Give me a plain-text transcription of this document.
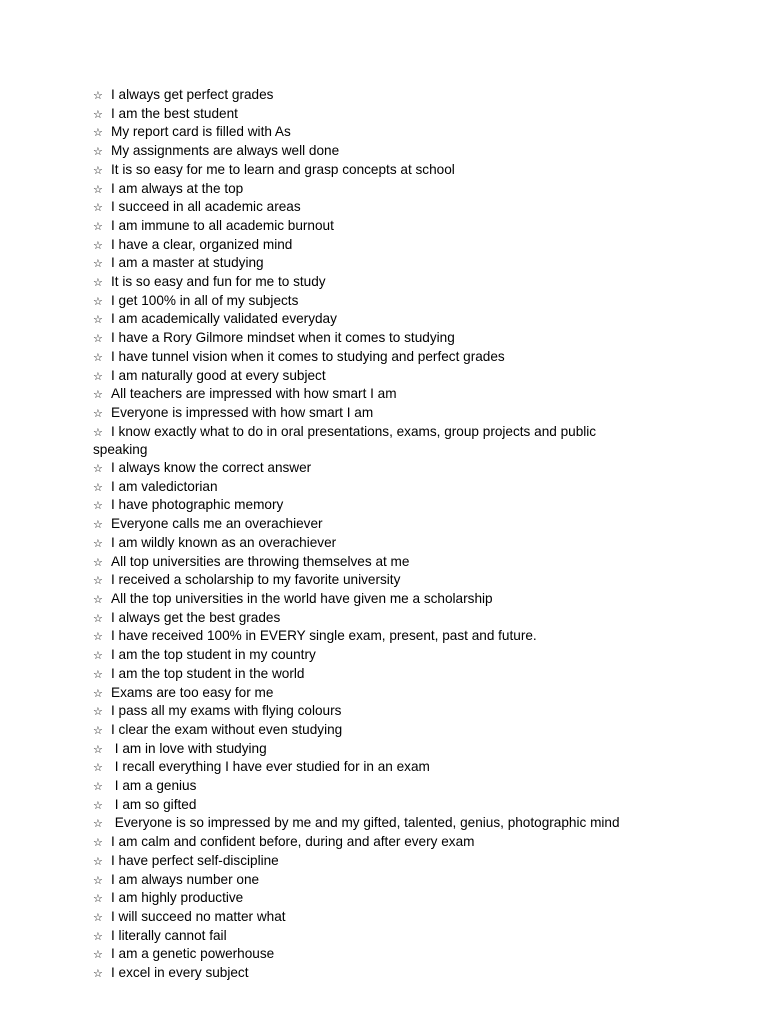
☆ I always get perfect grades
☆ I am the best student
☆ My report card is filled with As
☆ My assignments are always well done
☆ It is so easy for me to learn and grasp concepts at school
☆ I am always at the top
☆ I succeed in all academic areas
☆ I am immune to all academic burnout
☆ I have a clear, organized mind
☆ I am a master at studying
☆ It is so easy and fun for me to study
☆ I get 100% in all of my subjects
☆ I am academically validated everyday
☆ I have a Rory Gilmore mindset when it comes to studying
☆ I have tunnel vision when it comes to studying and perfect grades
☆ I am naturally good at every subject
☆ All teachers are impressed with how smart I am
☆ Everyone is impressed with how smart I am
☆ I know exactly what to do in oral presentations, exams, group projects and public speaking
☆ I always know the correct answer
☆ I am valedictorian
☆ I have photographic memory
☆ Everyone calls me an overachiever
☆ I am wildly known as an overachiever
☆ All top universities are throwing themselves at me
☆ I received a scholarship to my favorite university
☆ All the top universities in the world have given me a scholarship
☆ I always get the best grades
☆ I have received 100% in EVERY single exam, present, past and future.
☆ I am the top student in my country
☆ I am the top student in the world
☆ Exams are too easy for me
☆ I pass all my exams with flying colours
☆ I clear the exam without even studying
☆ I am in love with studying
☆ I recall everything I have ever studied for in an exam
☆ I am a genius
☆ I am so gifted
☆ Everyone is so impressed by me and my gifted, talented, genius, photographic mind
☆ I am calm and confident before, during and after every exam
☆ I have perfect self-discipline
☆ I am always number one
☆ I am highly productive
☆ I will succeed no matter what
☆ I literally cannot fail
☆ I am a genetic powerhouse
☆ I excel in every subject
